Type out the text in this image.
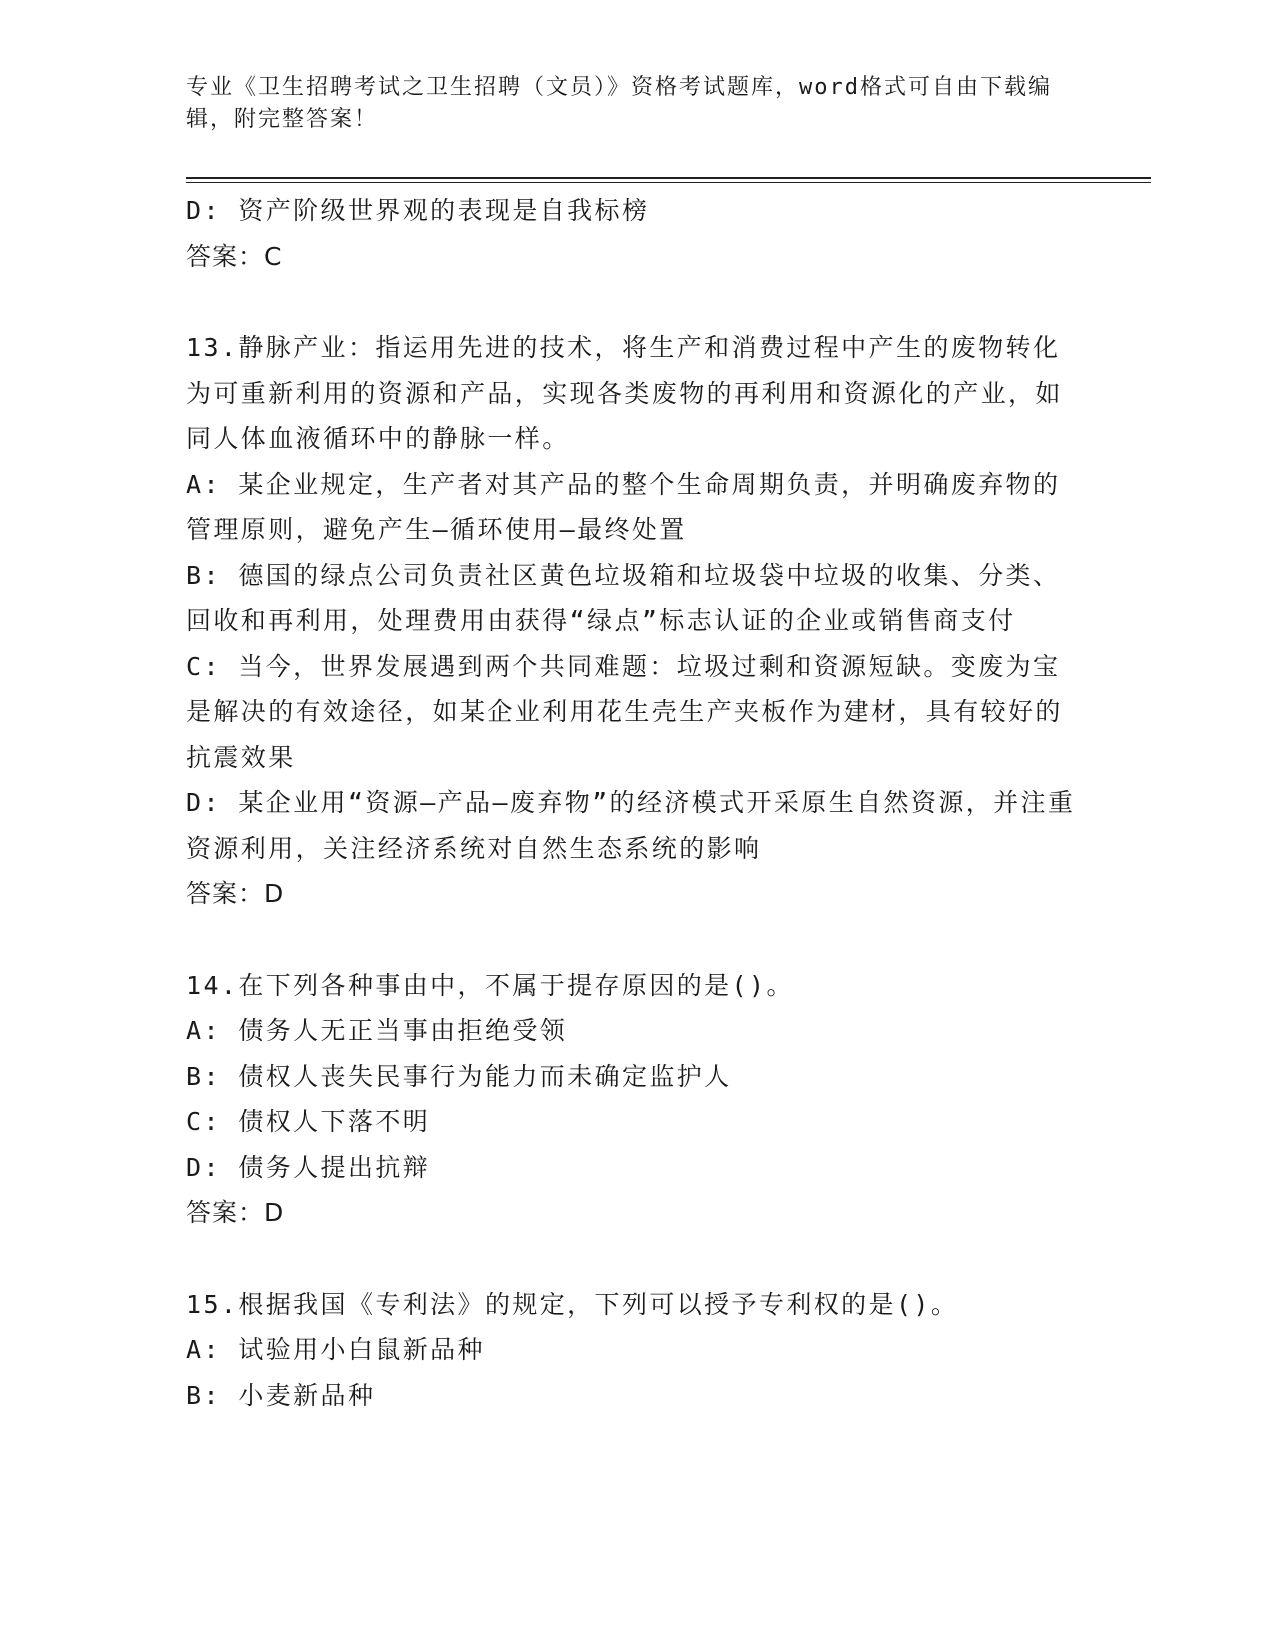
专业《卫生招聘考试之卫生招聘（文员）》资格考试题库，word格式可自由下载编辑，附完整答案！
D: 资产阶级世界观的表现是自我标榜
答案：C
13.静脉产业：指运用先进的技术，将生产和消费过程中产生的废物转化为可重新利用的资源和产品，实现各类废物的再利用和资源化的产业，如同人体血液循环中的静脉一样。
A: 某企业规定，生产者对其产品的整个生命周期负责，并明确废弃物的管理原则，避免产生—循环使用—最终处置
B: 德国的绿点公司负责社区黄色垃圾箱和垃圾袋中垃圾的收集、分类、回收和再利用，处理费用由获得“绿点”标志认证的企业或销售商支付
C: 当今，世界发展遇到两个共同难题：垃圾过剩和资源短缺。变废为宝是解决的有效途径，如某企业利用花生壳生产夹板作为建材，具有较好的抗震效果
D: 某企业用“资源—产品—废弃物”的经济模式开采原生自然资源，并注重资源利用，关注经济系统对自然生态系统的影响
答案：D
14.在下列各种事由中，不属于提存原因的是()。
A: 债务人无正当事由拒绝受领
B: 债权人丧失民事行为能力而未确定监护人
C: 债权人下落不明
D: 债务人提出抗辩
答案：D
15.根据我国《专利法》的规定，下列可以授予专利权的是()。
A: 试验用小白鼠新品种
B: 小麦新品种
